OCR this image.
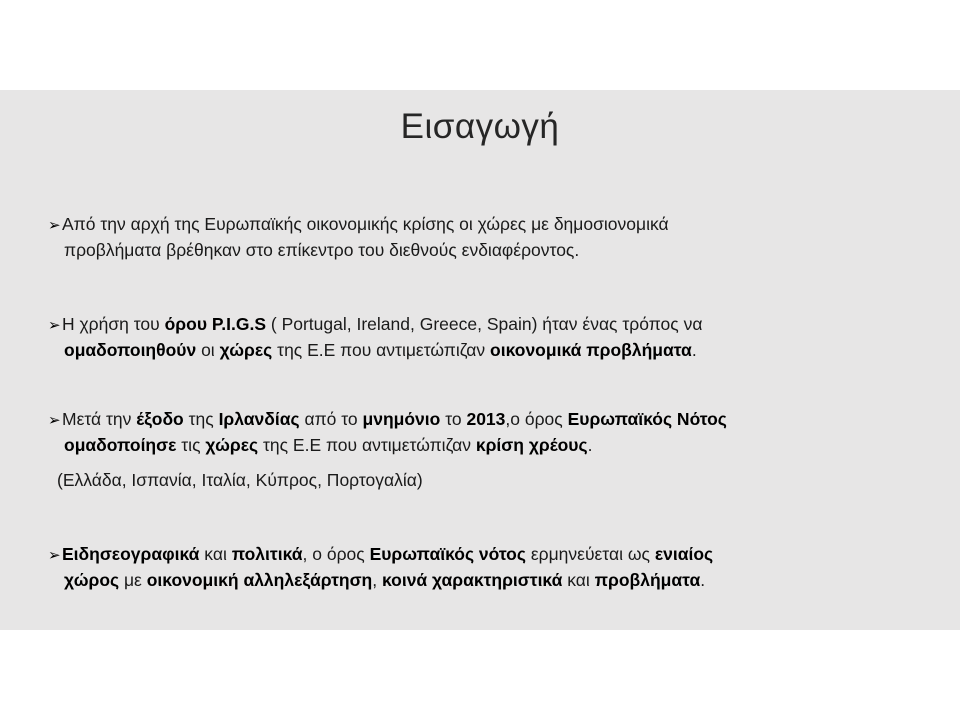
Εισαγωγή
➢Από την αρχή της Ευρωπαϊκής οικονομικής κρίσης οι χώρες με δημοσιονομικά
προβλήματα βρέθηκαν στο επίκεντρο του διεθνούς ενδιαφέροντος.
➢Η χρήση του όρου P.I.G.S ( Portugal, Ireland, Greece, Spain) ήταν ένας τρόπος να
ομαδοποιηθούν οι χώρες της Ε.Ε που αντιμετώπιζαν οικονομικά προβλήματα.
➢Μετά την έξοδο της Ιρλανδίας από το μνημόνιο το 2013,ο όρος Ευρωπαϊκός Νότος
ομαδοποίησε τις χώρες της Ε.Ε που αντιμετώπιζαν κρίση χρέους.
(Ελλάδα, Ισπανία, Ιταλία, Κύπρος, Πορτογαλία)
➢Ειδησεογραφικά και πολιτικά, ο όρος Ευρωπαϊκός νότος ερμηνεύεται ως ενιαίος
χώρος με οικονομική αλληλεξάρτηση, κοινά χαρακτηριστικά και προβλήματα.
